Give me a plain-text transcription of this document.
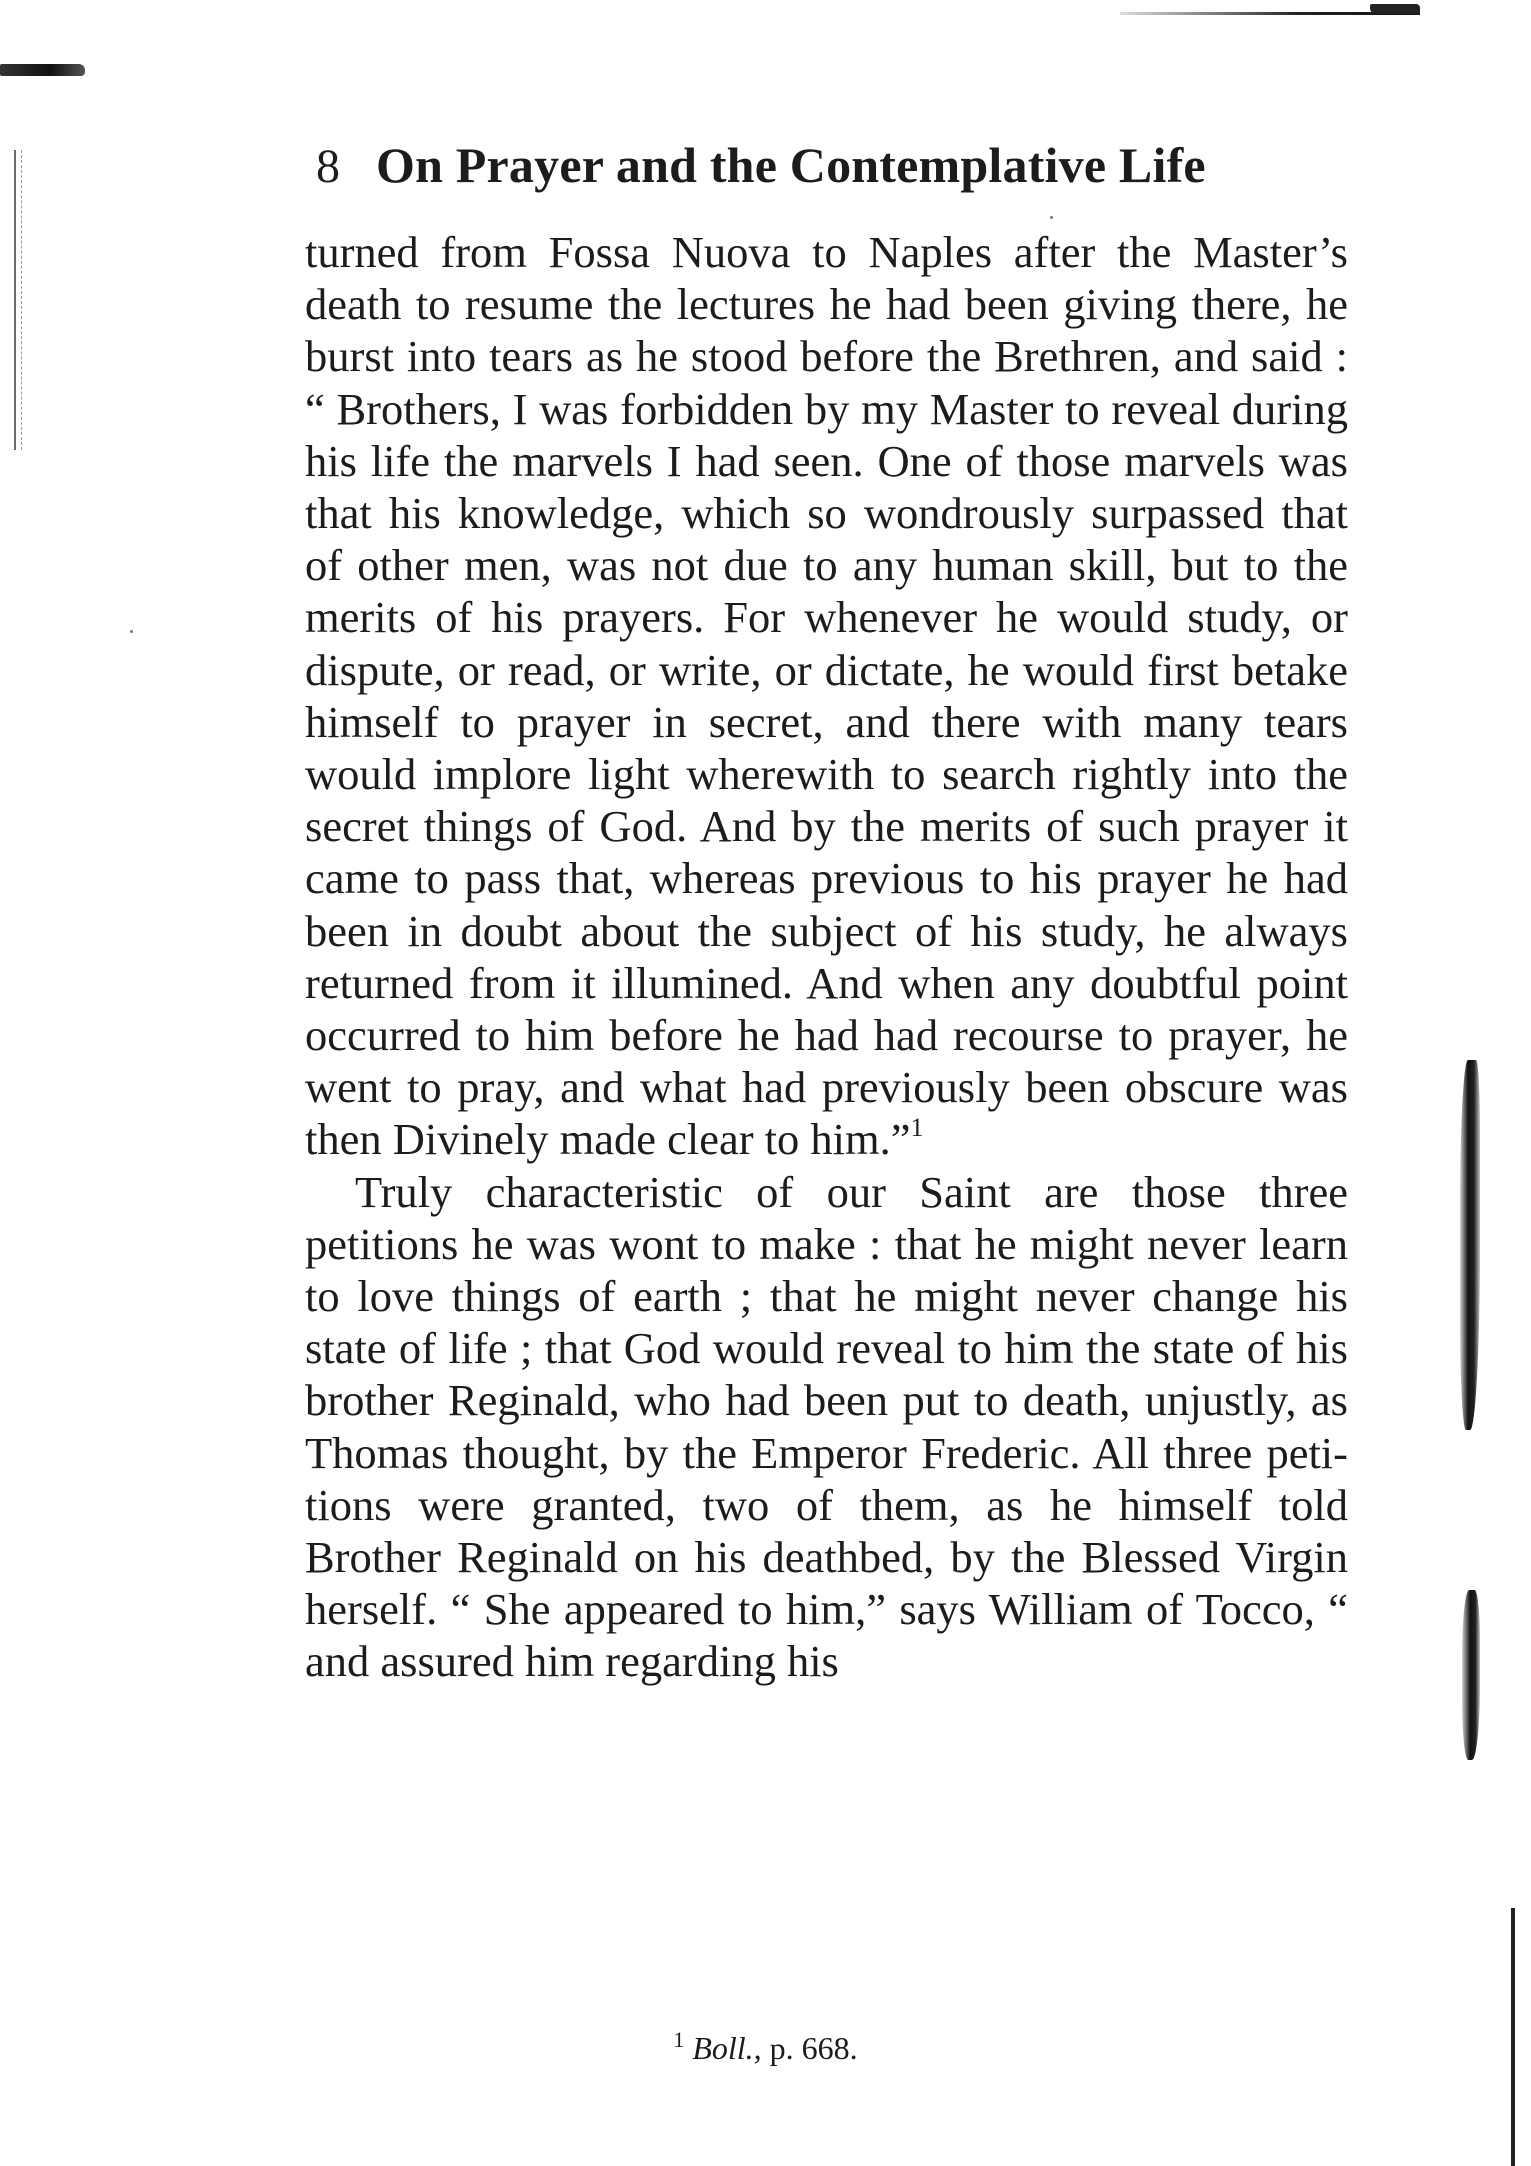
8 On Prayer and the Contemplative Life

turned from Fossa Nuova to Naples after the Master’s death to resume the lectures he had been giving there, he burst into tears as he stood before the Brethren, and said : “ Brothers, I was forbidden by my Master to reveal during his life the marvels I had seen. One of those marvels was that his knowledge, which so wondrously surpassed that of other men, was not due to any human skill, but to the merits of his prayers. For whenever he would study, or dispute, or read, or write, or dictate, he would first betake himself to prayer in secret, and there with many tears would implore light wherewith to search rightly into the secret things of God. And by the merits of such prayer it came to pass that, whereas previous to his prayer he had been in doubt about the subject of his study, he always returned from it illumined. And when any doubtful point occurred to him before he had had recourse to prayer, he went to pray, and what had previously been obscure was then Divinely made clear to him.”$^1$

Truly characteristic of our Saint are those three petitions he was wont to make : that he might never learn to love things of earth ; that he might never change his state of life ; that God would reveal to him the state of his brother Reginald, who had been put to death, unjustly, as Thomas thought, by the Emperor Frederic. All three petitions were granted, two of them, as he himself told Brother Reginald on his deathbed, by the Blessed Virgin herself. “ She appeared to him,” says William of Tocco, “ and assured him regarding his

$^1$ Boll., p. 668.
